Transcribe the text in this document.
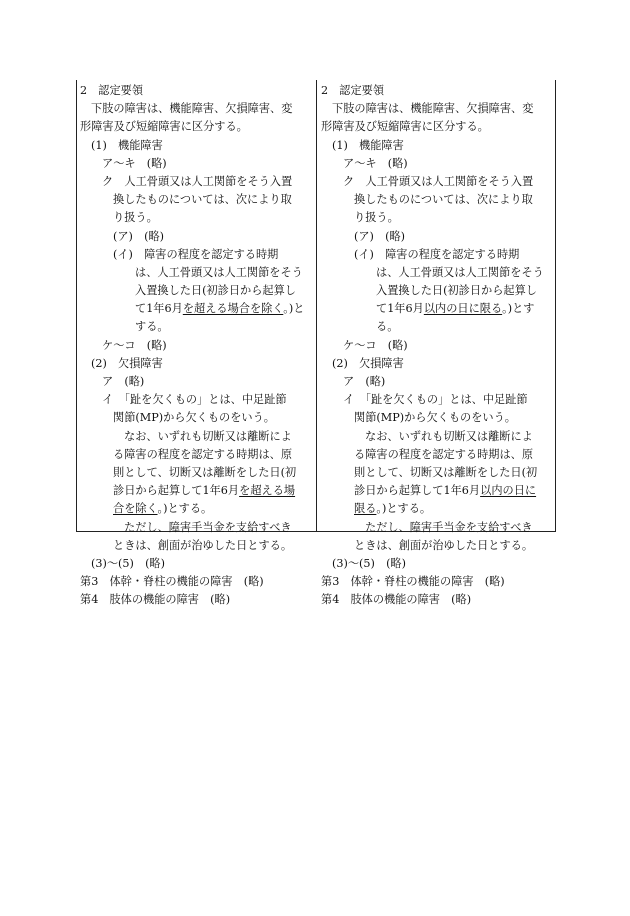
2　認定要領
下肢の障害は、機能障害、欠損障害、変
形障害及び短縮障害に区分する。
(1)　機能障害
ア～キ　(略)
ク　人工骨頭又は人工関節をそう入置
換したものについては、次により取
り扱う。
(ア)　(略)
(イ)　障害の程度を認定する時期
は、人工骨頭又は人工関節をそう
入置換した日(初診日から起算し
て1年6月を超える場合を除く。)と
する。
ケ～コ　(略)
(2)　欠損障害
ア　(略)
イ　「趾を欠くもの」とは、中足趾節
関節(MP)から欠くものをいう。
なお、いずれも切断又は離断によ
る障害の程度を認定する時期は、原
則として、切断又は離断をした日(初
診日から起算して1年6月を超える場
合を除く。)とする。
ただし、障害手当金を支給すべき
ときは、創面が治ゆした日とする。
(3)～(5)　(略)
第3　体幹・脊柱の機能の障害　(略)
第4　肢体の機能の障害　(略)
2　認定要領
下肢の障害は、機能障害、欠損障害、変
形障害及び短縮障害に区分する。
(1)　機能障害
ア～キ　(略)
ク　人工骨頭又は人工関節をそう入置
換したものについては、次により取
り扱う。
(ア)　(略)
(イ)　障害の程度を認定する時期
は、人工骨頭又は人工関節をそう
入置換した日(初診日から起算し
て1年6月以内の日に限る。)とす
る。
ケ～コ　(略)
(2)　欠損障害
ア　(略)
イ　「趾を欠くもの」とは、中足趾節
関節(MP)から欠くものをいう。
なお、いずれも切断又は離断によ
る障害の程度を認定する時期は、原
則として、切断又は離断をした日(初
診日から起算して1年6月以内の日に
限る。)とする。
ただし、障害手当金を支給すべき
ときは、創面が治ゆした日とする。
(3)～(5)　(略)
第3　体幹・脊柱の機能の障害　(略)
第4　肢体の機能の障害　(略)
